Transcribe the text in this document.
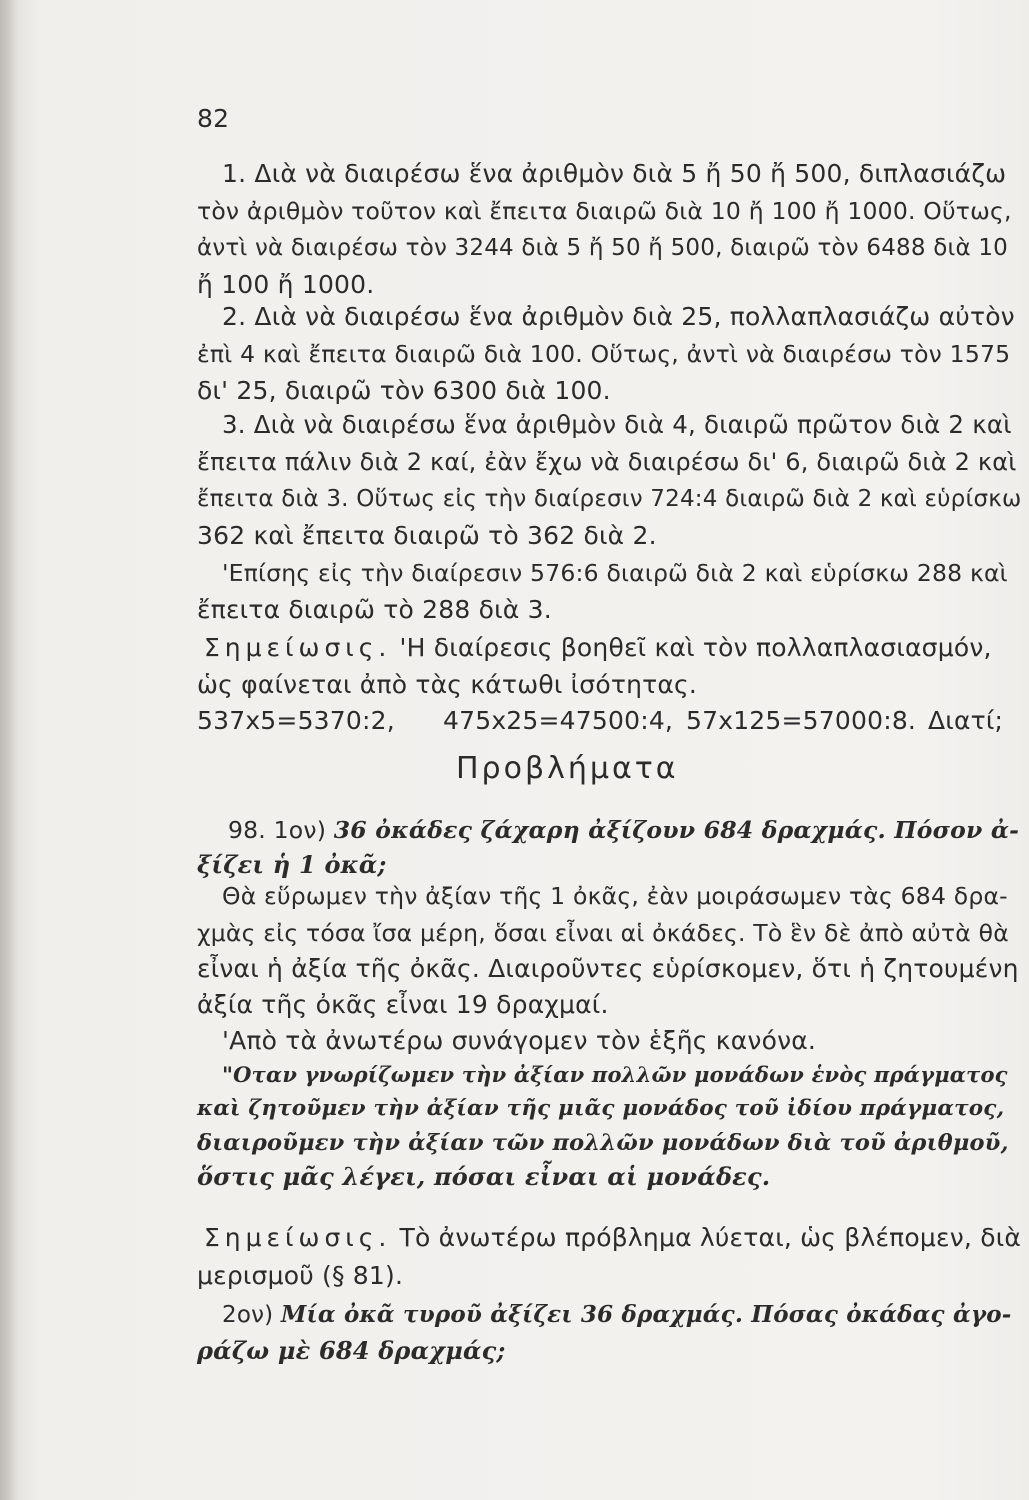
82
1. Διὰ νὰ διαιρέσω ἕνα ἀριθμὸν διὰ 5 ἤ 50 ἤ 500, διπλασιάζω
τὸν ἀριθμὸν τοῦτον καὶ ἔπειτα διαιρῶ διὰ 10 ἤ 100 ἤ 1000. Οὕτως,
ἀντὶ νὰ διαιρέσω τὸν 3244 διὰ 5 ἤ 50 ἤ 500, διαιρῶ τὸν 6488 διὰ 10
ἤ 100 ἤ 1000.
2. Διὰ νὰ διαιρέσω ἕνα ἀριθμὸν διὰ 25, πολλαπλασιάζω αὐτὸν
ἐπὶ 4 καὶ ἔπειτα διαιρῶ διὰ 100. Οὕτως, ἀντὶ νὰ διαιρέσω τὸν 1575
δι' 25, διαιρῶ τὸν 6300 διὰ 100.
3. Διὰ νὰ διαιρέσω ἕνα ἀριθμὸν διὰ 4, διαιρῶ πρῶτον διὰ 2 καὶ
ἔπειτα πάλιν διὰ 2 καί, ἐὰν ἔχω νὰ διαιρέσω δι' 6, διαιρῶ διὰ 2 καὶ
ἔπειτα διὰ 3. Οὕτως εἰς τὴν διαίρεσιν 724:4 διαιρῶ διὰ 2 καὶ εὑρίσκω
362 καὶ ἔπειτα διαιρῶ τὸ 362 διὰ 2.
'Επίσης εἰς τὴν διαίρεσιν 576:6 διαιρῶ διὰ 2 καὶ εὑρίσκω 288 καὶ
ἔπειτα διαιρῶ τὸ 288 διὰ 3.
Σημείωσις. 'Η διαίρεσις βοηθεῖ καὶ τὸν πολλαπλασιασμόν,
ὡς φαίνεται ἀπὸ τὰς κάτωθι ἰσότητας.
537x5=5370:2, 475x25=47500:4, 57x125=57000:8. Διατί;
Προβλήματα
98. 1ον) 36 ὀκάδες ζάχαρη ἀξίζουν 684 δραχμάς. Πόσον ἀ-
ξίζει ἡ 1 ὀκᾶ;
Θὰ εὕρωμεν τὴν ἀξίαν τῆς 1 ὀκᾶς, ἐὰν μοιράσωμεν τὰς 684 δρα-
χμὰς εἰς τόσα ἴσα μέρη, ὅσαι εἶναι αἱ ὀκάδες. Τὸ ἓν δὲ ἀπὸ αὐτὰ θὰ
εἶναι ἡ ἀξία τῆς ὀκᾶς. Διαιροῦντες εὑρίσκομεν, ὅτι ἡ ζητουμένη
ἀξία τῆς ὀκᾶς εἶναι 19 δραχμαί.
'Απὸ τὰ ἀνωτέρω συνάγομεν τὸν ἑξῆς κανόνα.
"Οταν γνωρίζωμεν τὴν ἀξίαν πολλῶν μονάδων ἑνὸς πράγματος
καὶ ζητοῦμεν τὴν ἀξίαν τῆς μιᾶς μονάδος τοῦ ἰδίου πράγματος,
διαιροῦμεν τὴν ἀξίαν τῶν πολλῶν μονάδων διὰ τοῦ ἀριθμοῦ,
ὅστις μᾶς λέγει, πόσαι εἶναι αἱ μονάδες.
Σημείωσις. Τὸ ἀνωτέρω πρόβλημα λύεται, ὡς βλέπομεν, διὰ
μερισμοῦ (§ 81).
2ον) Μία ὀκᾶ τυροῦ ἀξίζει 36 δραχμάς. Πόσας ὀκάδας ἀγο-
ράζω μὲ 684 δραχμάς;
